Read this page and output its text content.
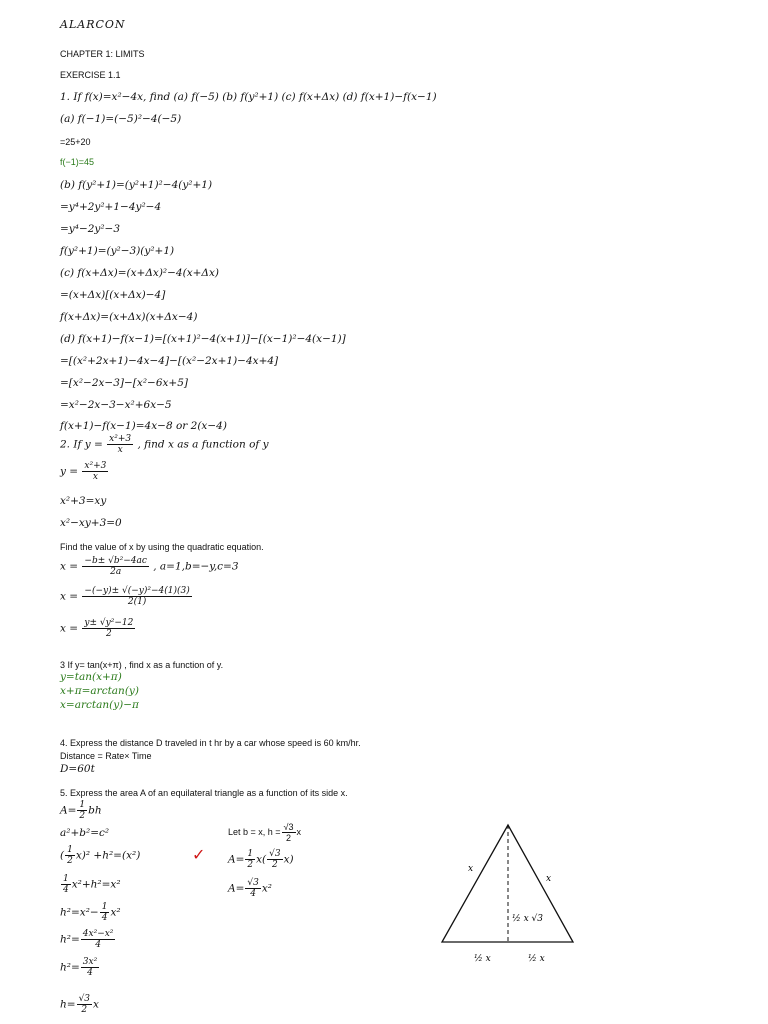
ALARCON
CHAPTER 1: LIMITS
EXERCISE 1.1
1. If f(x)=x²−4x, find (a) f(−5) (b) f(y²+1) (c) f(x+Δx) (d) f(x+1)−f(x−1)
(a) f(−1)=(−5)²−4(−5)
=25+20
f(−1)=45
(b) f(y²+1)=(y²+1)²−4(y²+1)
=y⁴+2y²+1−4y²−4
=y⁴−2y²−3
f(y²+1)=(y²−3)(y²+1)
(c) f(x+Δx)=(x+Δx)²−4(x+Δx)
=(x+Δx)[(x+Δx)−4]
f(x+Δx)=(x+Δx)(x+Δx−4)
(d) f(x+1)−f(x−1)=[(x+1)²−4(x+1)]−[(x−1)²−4(x−1)]
=[(x²+2x+1)−4x−4]−[(x²−2x+1)−4x+4]
=[x²−2x−3]−[x²−6x+5]
=x²−2x−3−x²+6x−5
f(x+1)−f(x−1)=4x−8 or 2(x−4)
2. If $y = \frac{\text{x²+3}}{x}$ , find x as a function of y
$y = \frac{\text{x²+3}}{x}$
x²+3=xy
x²−xy+3=0
Find the value of x by using the quadratic equation.
$x = \frac{\text{−b± √b²−4ac}}{2a}$ , a=1,b=−y,c=3
$x = \frac{\text{−(−y)± √(−y)²−4(1)(3)}}{2(1)}$
$x = \frac{\text{y± √y²−12}}{2}$
3 If y= tan(x+π) , find x as a function of y.
y=tan(x+π)
x+π=arctan(y)
x=arctan(y)−π
4. Express the distance D traveled in t hr by a car whose speed is 60 km/hr.
Distance = Rate× Time
D=60t
5. Express the area A of an equilateral triangle as a function of its side x.
$A= \frac{1}{2}$ bh
a²+b²=c²
( $\frac{1}{2} x)^2 +h^2=(x^2)$
$\frac{1}{4} x^2+h^2=x^2$
$h^2=x^2- \frac{1}{4} x^2$
$h^2= \frac{\text{4x²−x²}}{4}$
$h^2= \frac{\text{3x²}}{4}$
$h= \frac{√3}{2}$ x
Let b = x, $h = \frac{√3}{2}$ x
$A= \frac{1}{2} x( \frac{√3}{2} x)$
$A= \frac{√3}{4} x^2$
✓
x
x
½ x √3
½ x	½ x
